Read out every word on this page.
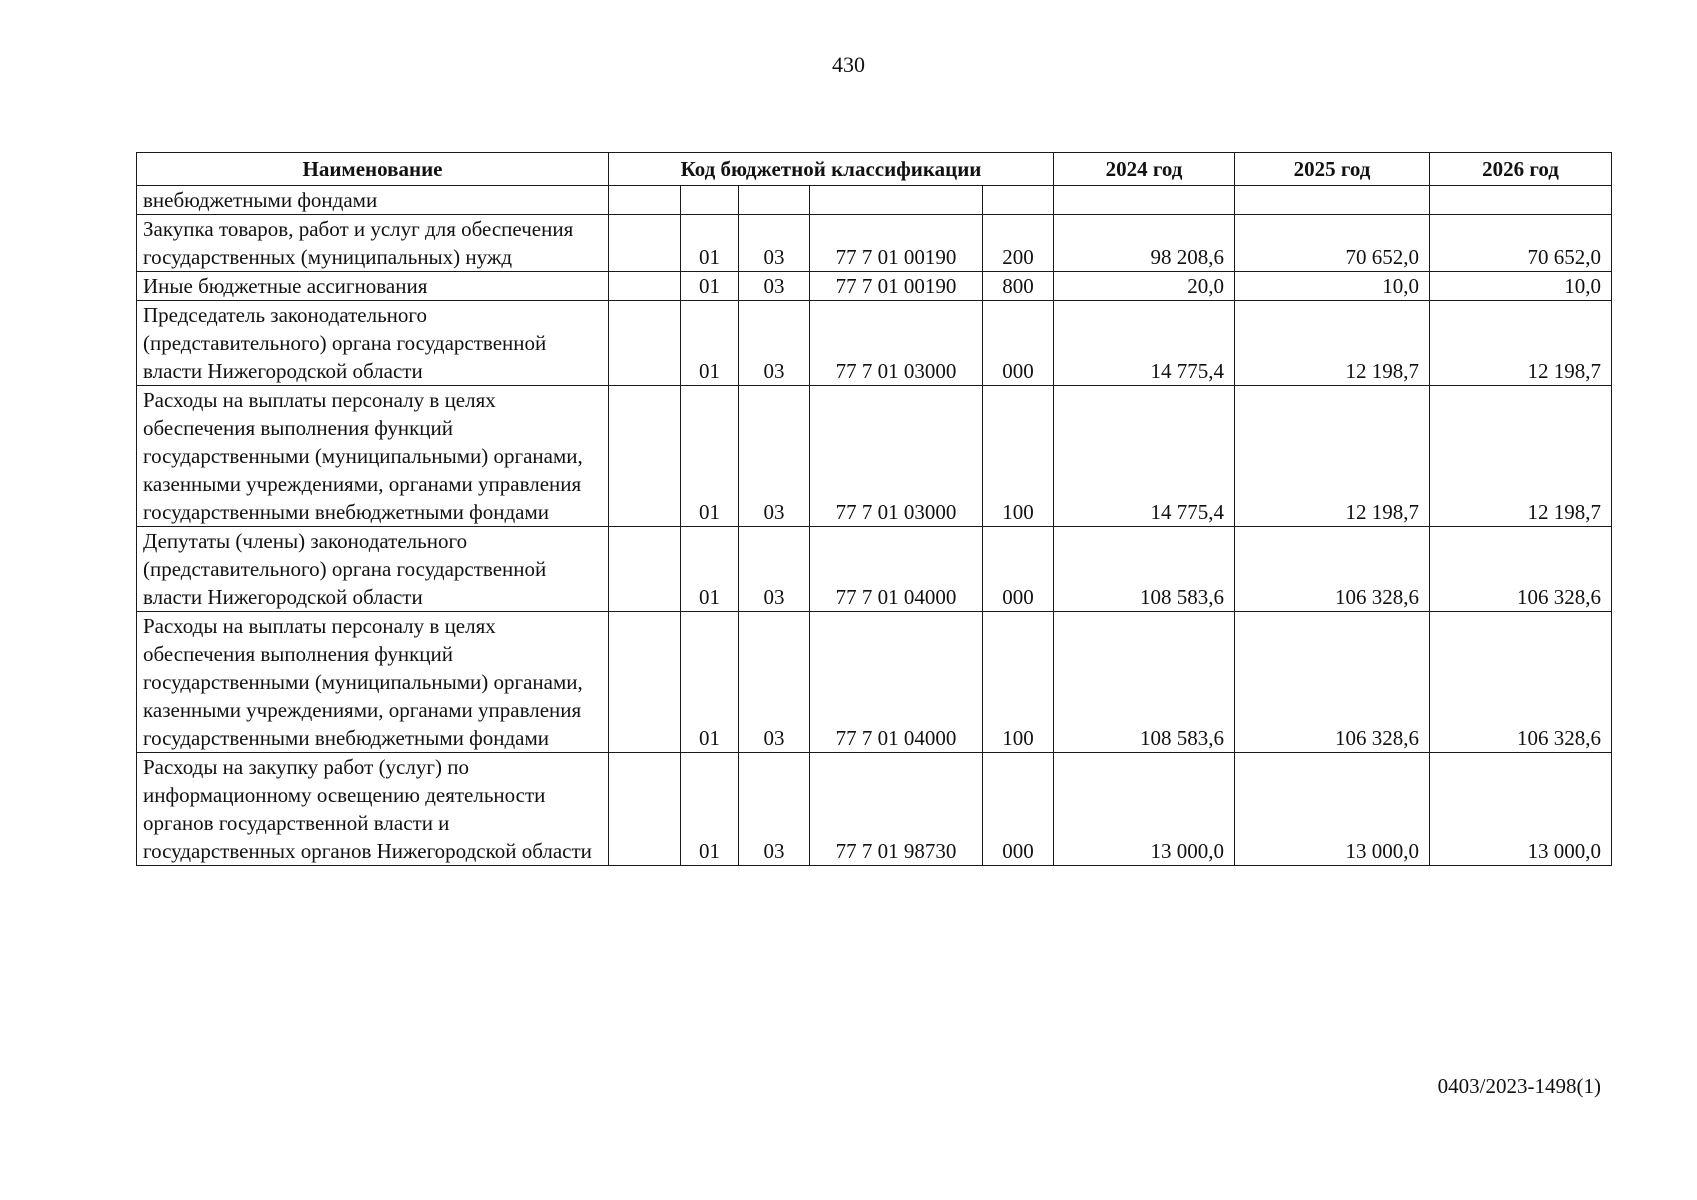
430
Наименование	Код бюджетной классификации					2024 год	2025 год	2026 год
внебюджетными фондами								
Закупка товаров, работ и услуг для обеспечения государственных (муниципальных) нужд		01	03	77 7 01 00190	200	98 208,6	70 652,0	70 652,0
Иные бюджетные ассигнования		01	03	77 7 01 00190	800	20,0	10,0	10,0
Председатель законодательного (представительного) органа государственной власти Нижегородской области		01	03	77 7 01 03000	000	14 775,4	12 198,7	12 198,7
Расходы на выплаты персоналу в целях обеспечения выполнения функций государственными (муниципальными) органами, казенными учреждениями, органами управления государственными внебюджетными фондами		01	03	77 7 01 03000	100	14 775,4	12 198,7	12 198,7
Депутаты (члены) законодательного (представительного) органа государственной власти Нижегородской области		01	03	77 7 01 04000	000	108 583,6	106 328,6	106 328,6
Расходы на выплаты персоналу в целях обеспечения выполнения функций государственными (муниципальными) органами, казенными учреждениями, органами управления государственными внебюджетными фондами		01	03	77 7 01 04000	100	108 583,6	106 328,6	106 328,6
Расходы на закупку работ (услуг) по информационному освещению деятельности органов государственной власти и государственных органов Нижегородской области		01	03	77 7 01 98730	000	13 000,0	13 000,0	13 000,0
0403/2023-1498(1)
